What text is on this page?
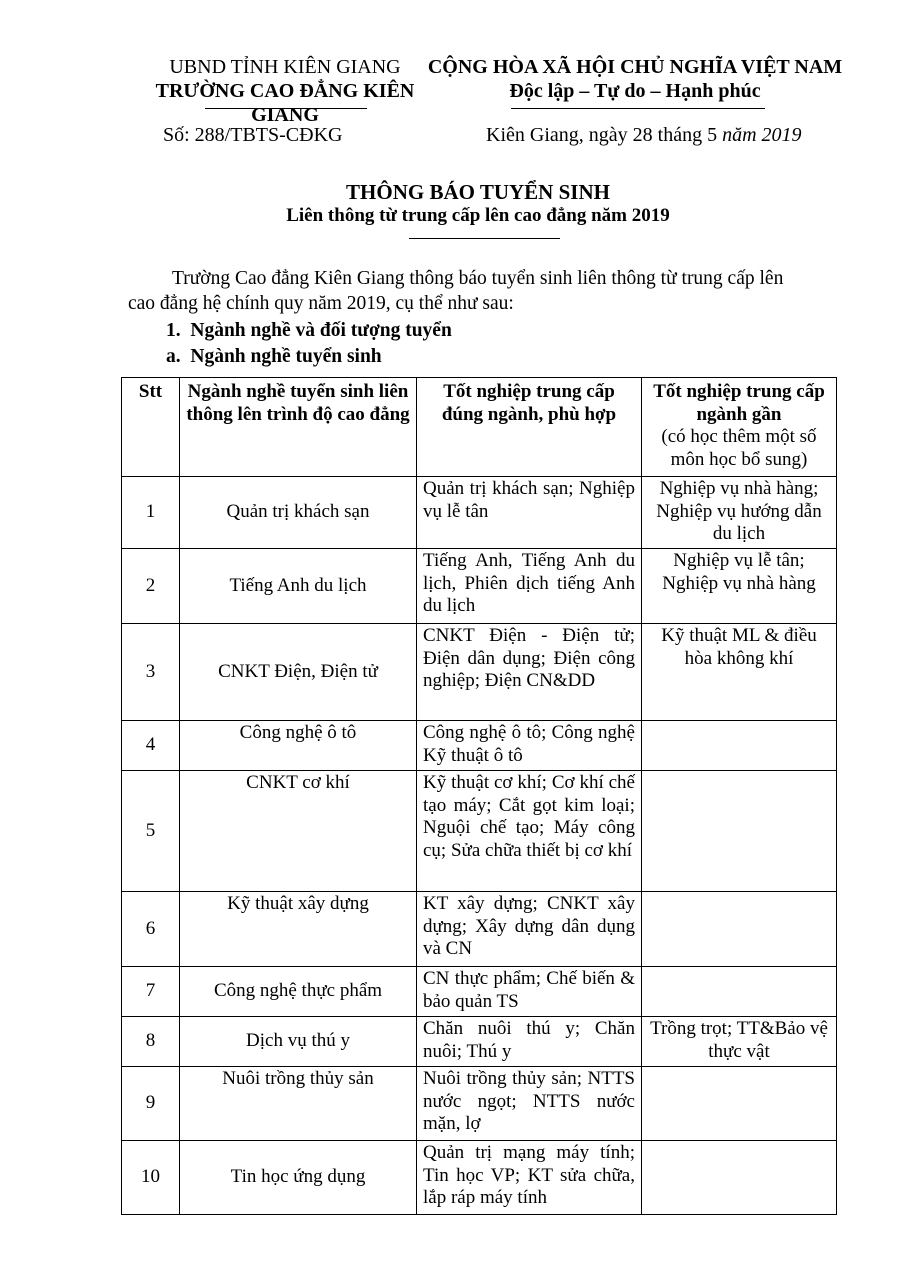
UBND TỈNH KIÊN GIANG
TRƯỜNG CAO ĐẲNG KIÊN GIANG
CỘNG HÒA XÃ HỘI CHỦ NGHĨA VIỆT NAM
Độc lập – Tự do – Hạnh phúc
Số: 288/TBTS-CĐKG	Kiên Giang, ngày 28 tháng 5 năm 2019
THÔNG BÁO TUYỂN SINH
Liên thông từ trung cấp lên cao đẳng năm 2019
Trường Cao đẳng Kiên Giang thông báo tuyển sinh liên thông từ trung cấp lên
cao đẳng hệ chính quy năm 2019, cụ thể như sau:
1.  Ngành nghề và đối tượng tuyển
a.  Ngành nghề tuyển sinh
Stt	Ngành nghề tuyển sinh liên thông lên trình độ cao đẳng	Tốt nghiệp trung cấp đúng ngành, phù hợp	Tốt nghiệp trung cấp ngành gần
(có học thêm một số môn học bổ sung)

1	Quản trị khách sạn	Quản trị khách sạn; Nghiệp vụ lễ tân	Nghiệp vụ nhà hàng; Nghiệp vụ hướng dẫn du lịch
2	Tiếng Anh du lịch	Tiếng Anh, Tiếng Anh du lịch, Phiên dịch tiếng Anh du lịch	Nghiệp vụ lễ tân; Nghiệp vụ nhà hàng
3	CNKT Điện, Điện tử	CNKT Điện - Điện tử; Điện dân dụng; Điện công nghiệp; Điện CN&DD	Kỹ thuật ML & điều hòa không khí
4	Công nghệ ô tô	Công nghệ ô tô; Công nghệ Kỹ thuật ô tô	
5	CNKT cơ khí	Kỹ thuật cơ khí; Cơ khí chế tạo máy; Cắt gọt kim loại; Nguội chế tạo; Máy công cụ; Sửa chữa thiết bị cơ khí	
6	Kỹ thuật xây dựng	KT xây dựng; CNKT xây dựng; Xây dựng dân dụng và CN	
7	Công nghệ thực phẩm	CN thực phẩm; Chế biến & bảo quản TS	
8	Dịch vụ thú y	Chăn nuôi thú y; Chăn nuôi; Thú y	Trồng trọt; TT&Bảo vệ thực vật
9	Nuôi trồng thủy sản	Nuôi trồng thủy sản; NTTS nước ngọt; NTTS nước mặn, lợ	
10	Tin học ứng dụng	Quản trị mạng máy tính; Tin học VP; KT sửa chữa, lắp ráp máy tính	
